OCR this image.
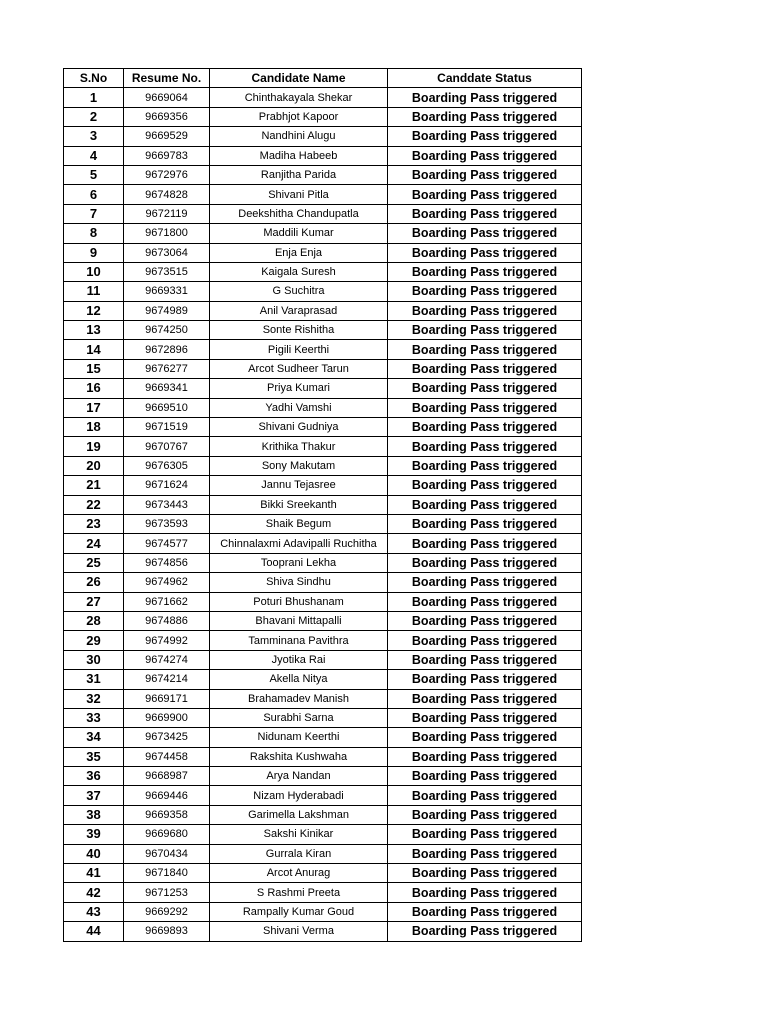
S.No	Resume No.	Candidate Name	Canddate Status
1	9669064	Chinthakayala Shekar	Boarding Pass triggered
2	9669356	Prabhjot Kapoor	Boarding Pass triggered
3	9669529	Nandhini Alugu	Boarding Pass triggered
4	9669783	Madiha Habeeb	Boarding Pass triggered
5	9672976	Ranjitha Parida	Boarding Pass triggered
6	9674828	Shivani Pitla	Boarding Pass triggered
7	9672119	Deekshitha Chandupatla	Boarding Pass triggered
8	9671800	Maddili Kumar	Boarding Pass triggered
9	9673064	Enja Enja	Boarding Pass triggered
10	9673515	Kaigala Suresh	Boarding Pass triggered
11	9669331	G Suchitra	Boarding Pass triggered
12	9674989	Anil Varaprasad	Boarding Pass triggered
13	9674250	Sonte Rishitha	Boarding Pass triggered
14	9672896	Pigili Keerthi	Boarding Pass triggered
15	9676277	Arcot Sudheer Tarun	Boarding Pass triggered
16	9669341	Priya Kumari	Boarding Pass triggered
17	9669510	Yadhi Vamshi	Boarding Pass triggered
18	9671519	Shivani Gudniya	Boarding Pass triggered
19	9670767	Krithika Thakur	Boarding Pass triggered
20	9676305	Sony Makutam	Boarding Pass triggered
21	9671624	Jannu Tejasree	Boarding Pass triggered
22	9673443	Bikki Sreekanth	Boarding Pass triggered
23	9673593	Shaik Begum	Boarding Pass triggered
24	9674577	Chinnalaxmi Adavipalli Ruchitha	Boarding Pass triggered
25	9674856	Tooprani Lekha	Boarding Pass triggered
26	9674962	Shiva Sindhu	Boarding Pass triggered
27	9671662	Poturi Bhushanam	Boarding Pass triggered
28	9674886	Bhavani Mittapalli	Boarding Pass triggered
29	9674992	Tamminana Pavithra	Boarding Pass triggered
30	9674274	Jyotika Rai	Boarding Pass triggered
31	9674214	Akella Nitya	Boarding Pass triggered
32	9669171	Brahamadev Manish	Boarding Pass triggered
33	9669900	Surabhi Sarna	Boarding Pass triggered
34	9673425	Nidunam Keerthi	Boarding Pass triggered
35	9674458	Rakshita Kushwaha	Boarding Pass triggered
36	9668987	Arya Nandan	Boarding Pass triggered
37	9669446	Nizam Hyderabadi	Boarding Pass triggered
38	9669358	Garimella Lakshman	Boarding Pass triggered
39	9669680	Sakshi Kinikar	Boarding Pass triggered
40	9670434	Gurrala Kiran	Boarding Pass triggered
41	9671840	Arcot Anurag	Boarding Pass triggered
42	9671253	S Rashmi Preeta	Boarding Pass triggered
43	9669292	Rampally Kumar Goud	Boarding Pass triggered
44	9669893	Shivani Verma	Boarding Pass triggered
